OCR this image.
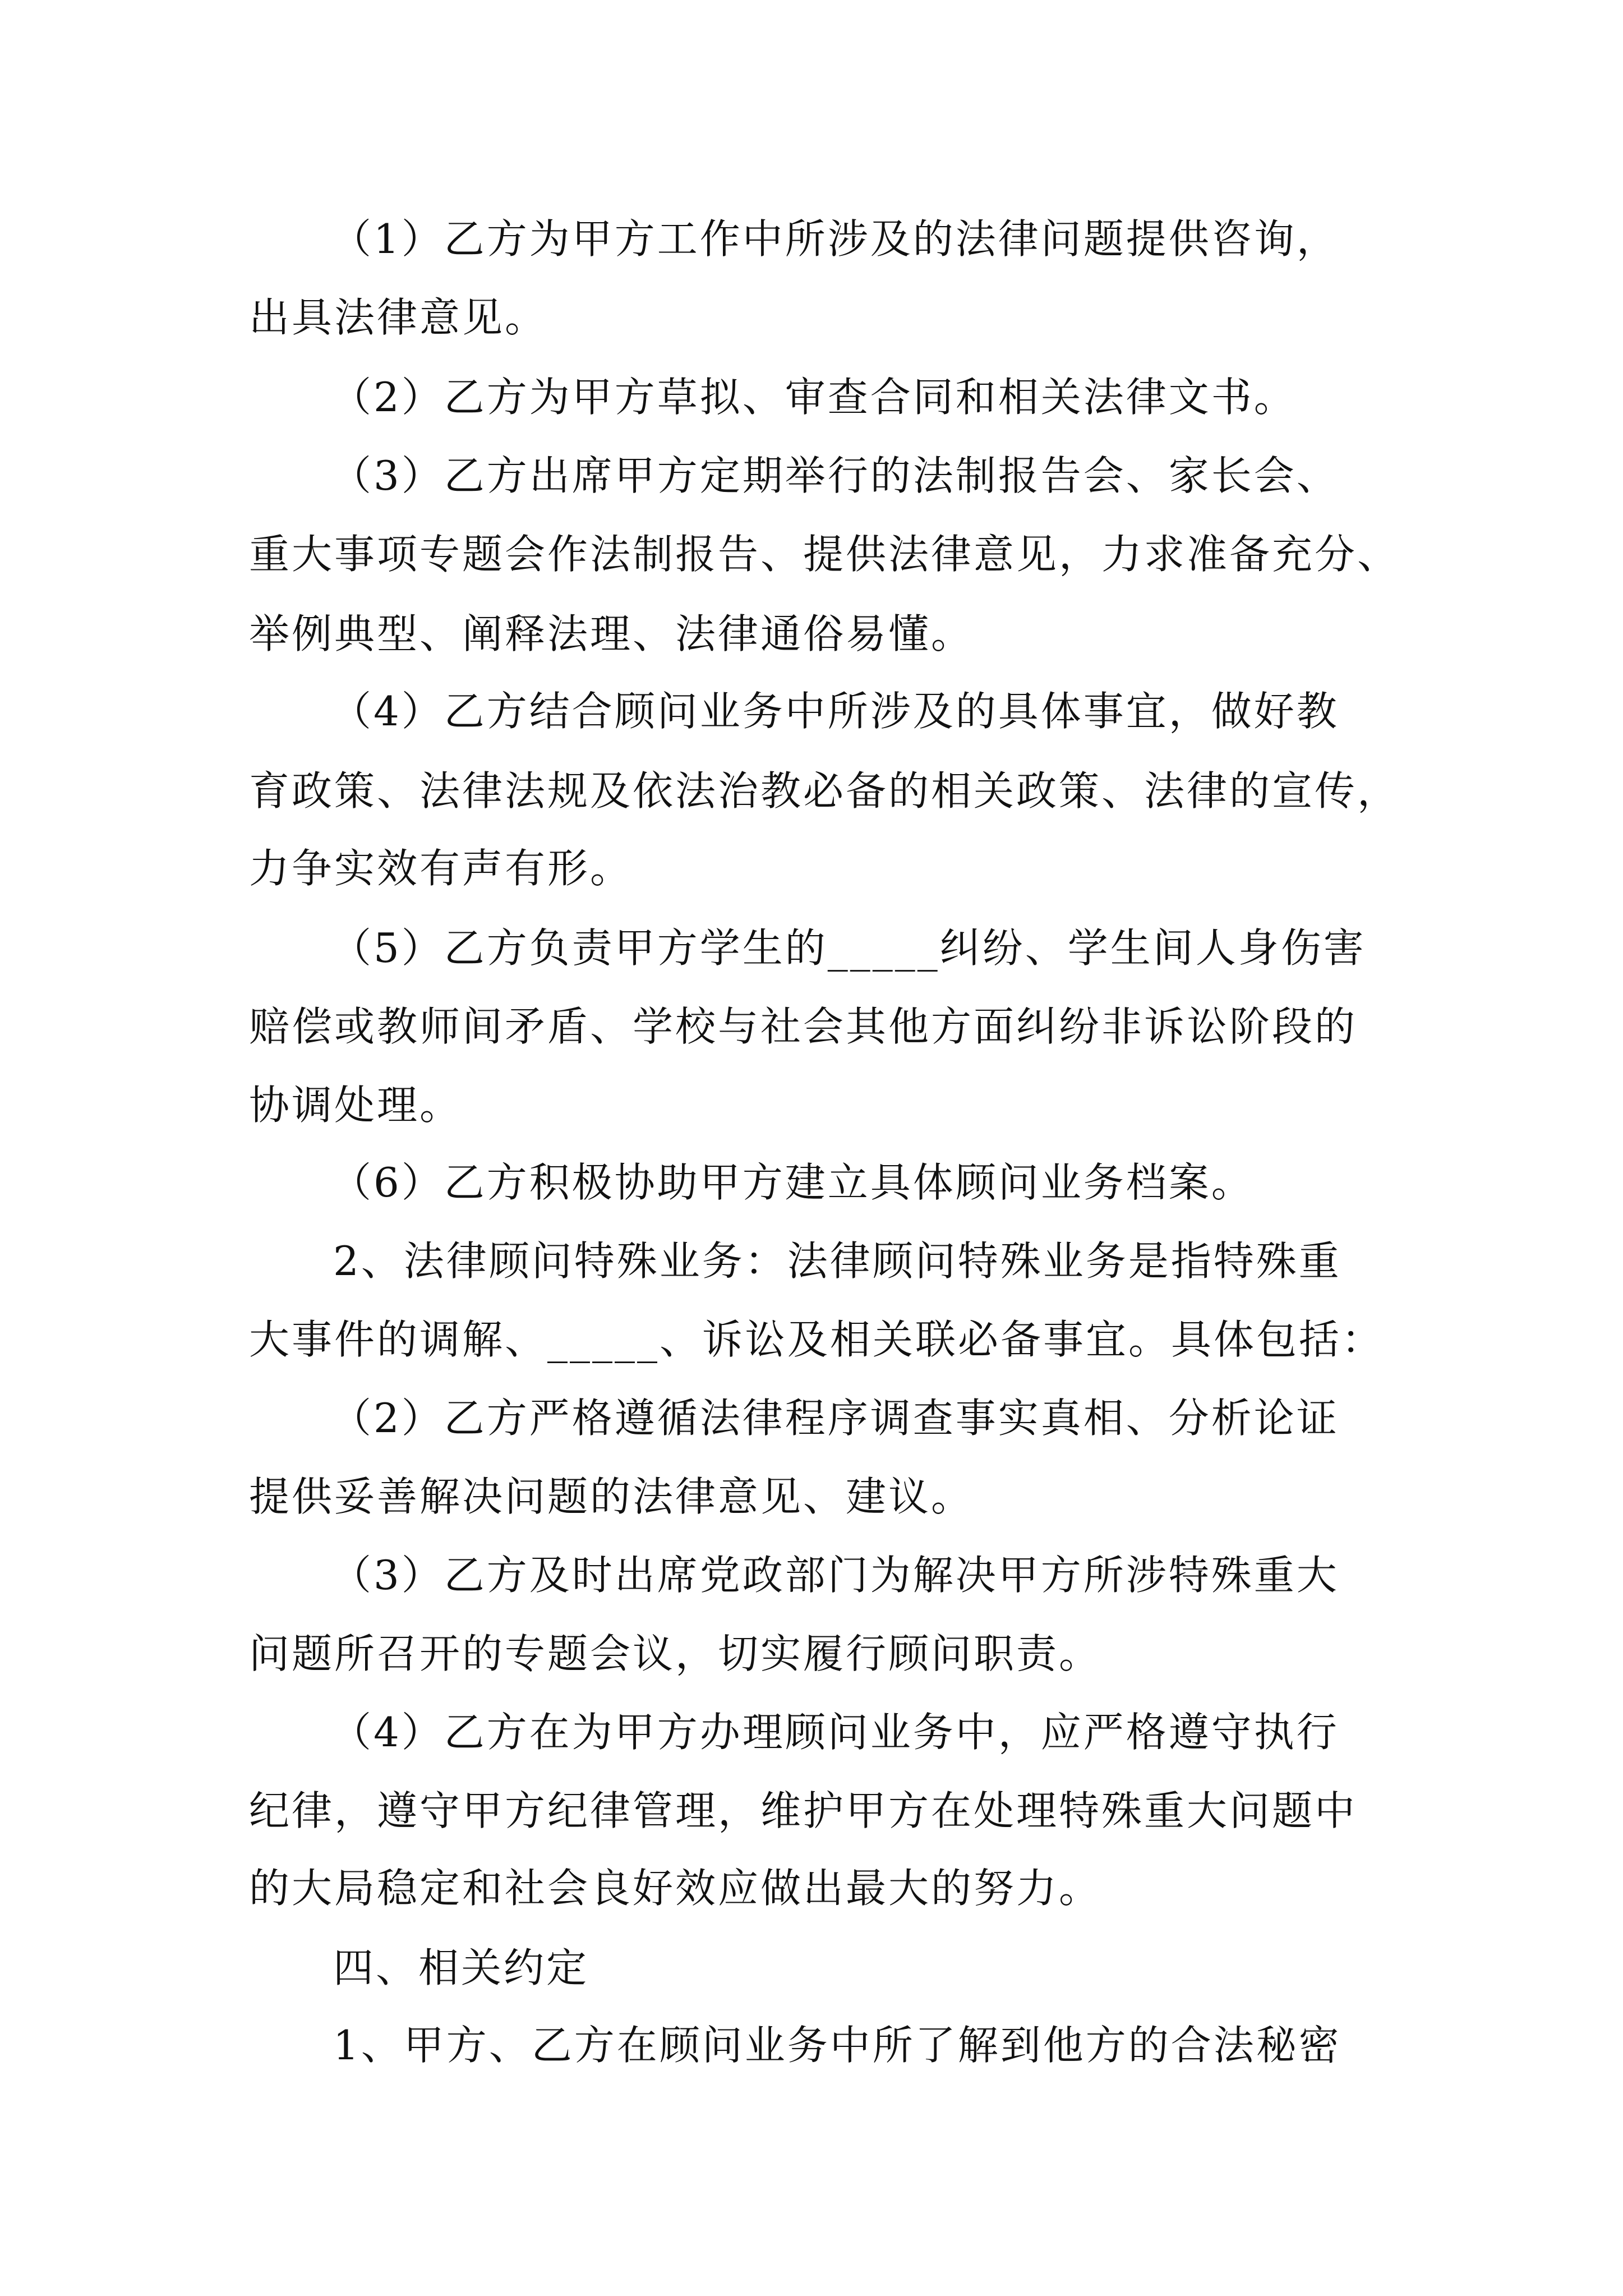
（1）乙方为甲方工作中所涉及的法律问题提供咨询，
出具法律意见。
（2）乙方为甲方草拟、审查合同和相关法律文书。
（3）乙方出席甲方定期举行的法制报告会、家长会、
重大事项专题会作法制报告、提供法律意见，力求准备充分、
举例典型、阐释法理、法律通俗易懂。
（4）乙方结合顾问业务中所涉及的具体事宜，做好教
育政策、法律法规及依法治教必备的相关政策、法律的宣传，
力争实效有声有形。
（5）乙方负责甲方学生的_____纠纷、学生间人身伤害
赔偿或教师间矛盾、学校与社会其他方面纠纷非诉讼阶段的
协调处理。
（6）乙方积极协助甲方建立具体顾问业务档案。
2、法律顾问特殊业务：法律顾问特殊业务是指特殊重
大事件的调解、_____、诉讼及相关联必备事宜。具体包括：
（2）乙方严格遵循法律程序调查事实真相、分析论证
提供妥善解决问题的法律意见、建议。
（3）乙方及时出席党政部门为解决甲方所涉特殊重大
问题所召开的专题会议，切实履行顾问职责。
（4）乙方在为甲方办理顾问业务中，应严格遵守执行
纪律，遵守甲方纪律管理，维护甲方在处理特殊重大问题中
的大局稳定和社会良好效应做出最大的努力。
四、相关约定
1、甲方、乙方在顾问业务中所了解到他方的合法秘密
